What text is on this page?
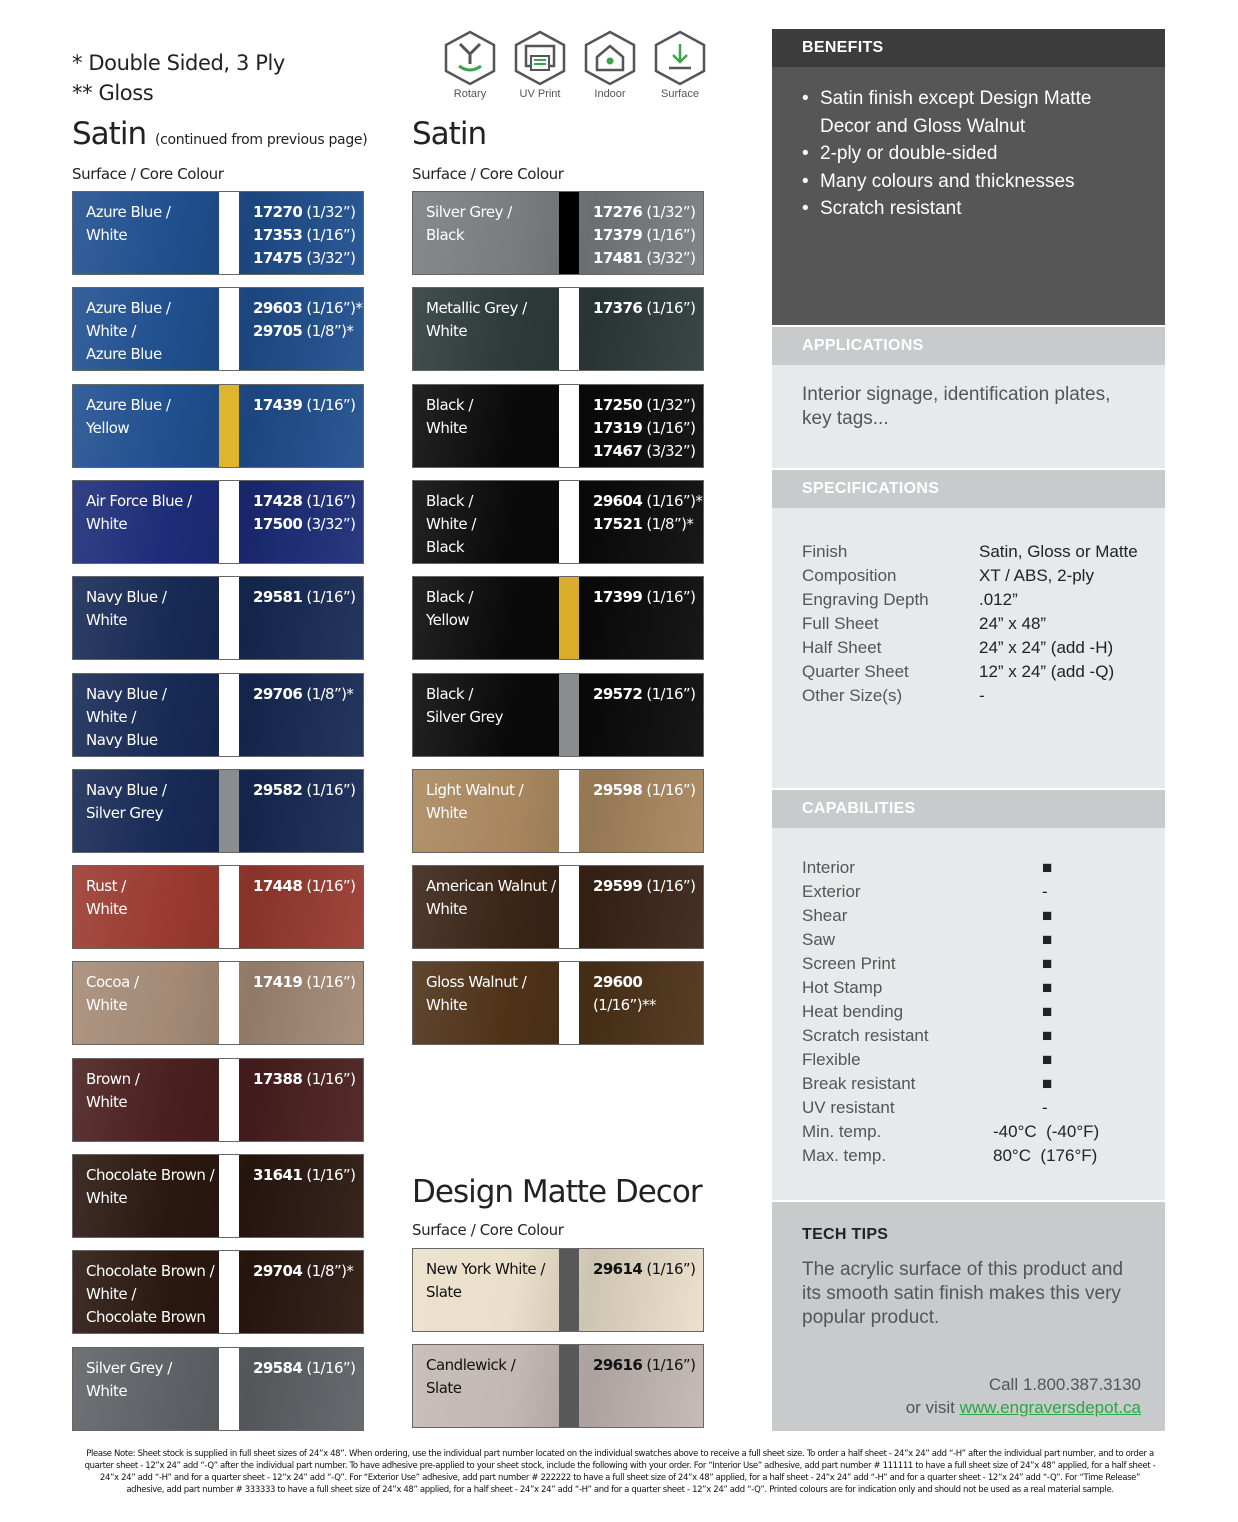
* Double Sided, 3 Ply
** Gloss	Rotary	UV Print	Indoor	Surface
Satin (continued from previous page)
Surface / Core Colour
Satin
Surface / Core Colour
Design Matte Decor
Surface / Core Colour
Azure Blue /
White
17270 (1/32”)
17353 (1/16”)
17475 (3/32”)
Azure Blue /
White /
Azure Blue
29603 (1/16”)*
29705 (1/8”)*
Azure Blue /
Yellow
17439 (1/16”)
Air Force Blue /
White
17428 (1/16”)
17500 (3/32”)
Navy Blue /
White
29581 (1/16”)
Navy Blue /
White /
Navy Blue
29706 (1/8”)*
Navy Blue /
Silver Grey
29582 (1/16”)
Rust /
White
17448 (1/16”)
Cocoa /
White
17419 (1/16”)
Brown /
White
17388 (1/16”)
Chocolate Brown /
White
31641 (1/16”)
Chocolate Brown /
White /
Chocolate Brown
29704 (1/8”)*
Silver Grey /
White
29584 (1/16”)
Silver Grey /
Black
17276 (1/32”)
17379 (1/16”)
17481 (3/32”)
Metallic Grey /
White
17376 (1/16”)
Black /
White
17250 (1/32”)
17319 (1/16”)
17467 (3/32”)
Black /
White /
Black
29604 (1/16”)*
17521 (1/8”)*
Black /
Yellow
17399 (1/16”)
Black /
Silver Grey
29572 (1/16”)
Light Walnut /
White
29598 (1/16”)
American Walnut /
White
29599 (1/16”)
Gloss Walnut /
White
29600 (1/16”)**
New York White /
Slate
29614 (1/16”)
Candlewick /
Slate
29616 (1/16”)
BENEFITS
• Satin finish except Design Matte Decor and Gloss Walnut
• 2-ply or double-sided
• Many colours and thicknesses
• Scratch resistant
APPLICATIONS
Interior signage, identification plates, key tags...
SPECIFICATIONS
Finish	Satin, Gloss or Matte
Composition	XT / ABS, 2-ply
Engraving Depth	.012”
Full Sheet	24” x 48”
Half Sheet	24” x 24” (add -H)
Quarter Sheet	12” x 24” (add -Q)
Other Size(s)	-
CAPABILITIES
Interior	■
Exterior	-
Shear	■
Saw	■
Screen Print	■
Hot Stamp	■
Heat bending	■
Scratch resistant	■
Flexible	■
Break resistant	■
UV resistant	-
Min. temp.	-40°C  (-40°F)
Max. temp.	80°C  (176°F)
TECH TIPS
The acrylic surface of this product and its smooth satin finish makes this very popular product.
Call 1.800.387.3130
or visit www.engraversdepot.ca
Please Note: Sheet stock is supplied in full sheet sizes of 24”x 48”. When ordering, use the individual part number located on the individual swatches above to receive a full sheet size. To order a half sheet - 24”x 24” add “-H” after the individual part number, and to order a quarter sheet - 12”x 24” add “-Q” after the individual part number. To have adhesive pre-applied to your sheet stock, include the following with your order. For “Interior Use” adhesive, add part number # 111111 to have a full sheet size of 24”x 48” applied, for a half sheet - 24”x 24” add “-H” and for a quarter sheet - 12”x 24” add “-Q”. For “Exterior Use” adhesive, add part number # 222222 to have a full sheet size of 24”x 48” applied, for a half sheet - 24”x 24” add “-H” and for a quarter sheet - 12”x 24” add “-Q”. For “Time Release” adhesive, add part number # 333333 to have a full sheet size of 24”x 48” applied, for a half sheet - 24”x 24” add “-H” and for a quarter sheet - 12”x 24” add “-Q”. Printed colours are for indication only and should not be used as a real material sample.
